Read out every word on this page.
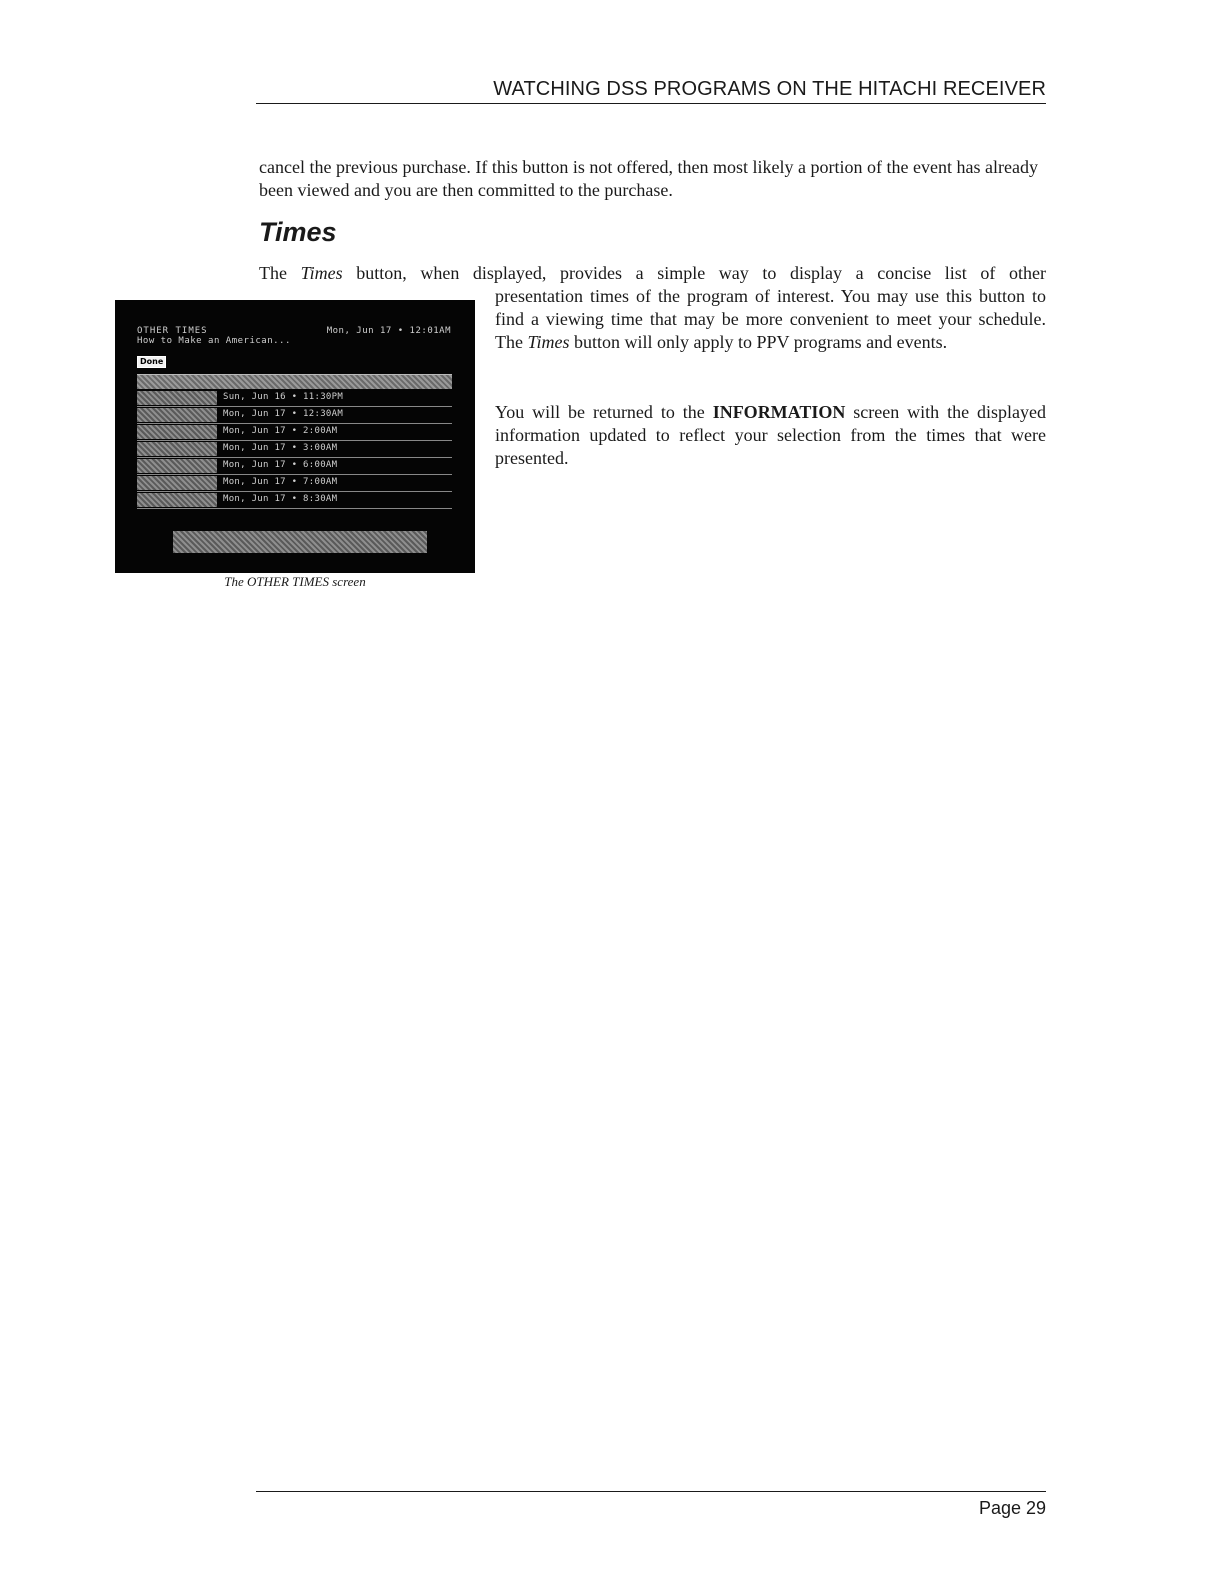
WATCHING DSS PROGRAMS ON THE HITACHI RECEIVER
cancel the previous purchase. If this button is not offered, then most likely a portion of the event has already been viewed and you are then committed to the purchase.
Times
The Times button, when displayed, provides a simple way to display a concise list of other
presentation times of the program of interest. You may use this button to find a viewing time that may be more convenient to meet your schedule. The Times button will only apply to PPV programs and events.
You will be returned to the INFORMATION screen with the displayed information updated to reflect your selection from the times that were presented.
OTHER TIMES	Mon, Jun 17 • 12:01AM
How to Make an American...
Done
Sun, Jun 16 • 11:30PM
Mon, Jun 17 • 12:30AM
Mon, Jun 17 • 2:00AM
Mon, Jun 17 • 3:00AM
Mon, Jun 17 • 6:00AM
Mon, Jun 17 • 7:00AM
Mon, Jun 17 • 8:30AM
The OTHER TIMES screen
Page 29
